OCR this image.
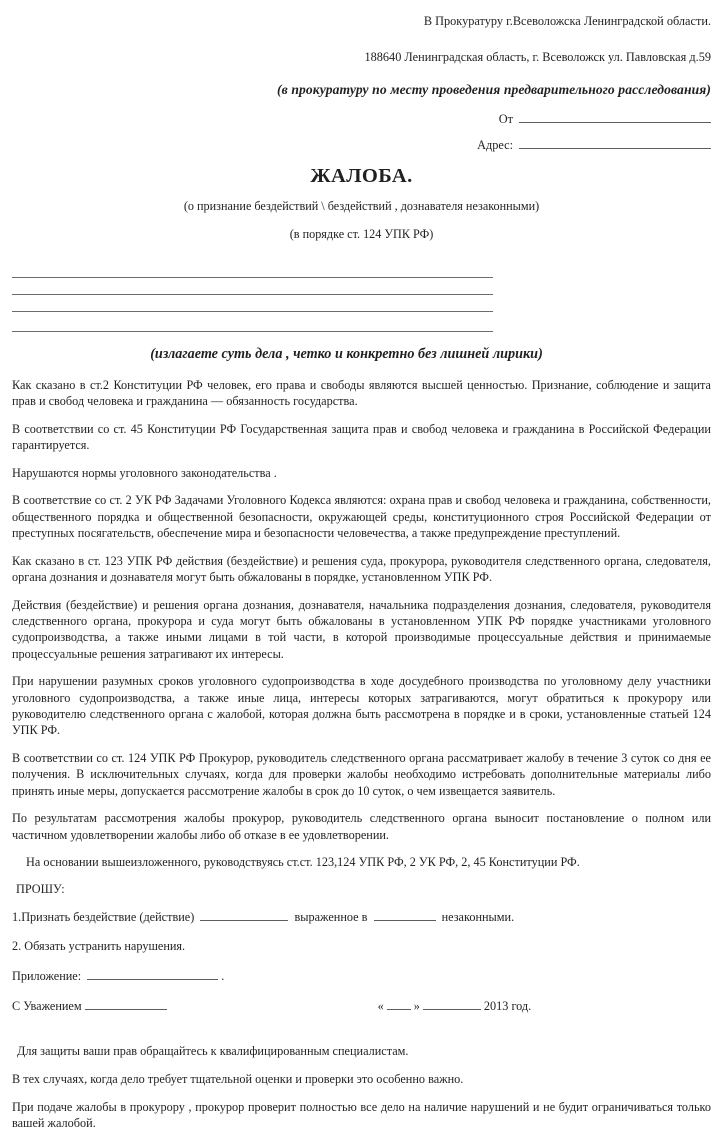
В Прокуратуру г.Всеволожска Ленинградской области.
188640 Ленинградская область, г. Всеволожск ул. Павловская д.59
(в прокуратуру по месту проведения предварительного расследования)
От
Адрес:
ЖАЛОБА.
(о признание бездействий \ бездействий , дознавателя незаконными)
(в порядке ст. 124 УПК РФ)
(излагаете суть дела , четко и конкретно без лишней лирики)

Как сказано в ст.2 Конституции РФ человек, его права и свободы являются высшей ценностью. Признание, соблюдение и защита прав и свобод человека и гражданина — обязанность государства.

В соответствии со ст. 45 Конституции РФ Государственная защита прав и свобод человека и гражданина в Российской Федерации гарантируется.

Нарушаются нормы уголовного законодательства .

В соответствие со ст. 2 УК РФ Задачами Уголовного Кодекса являются: охрана прав и свобод человека и гражданина, собственности, общественного порядка и общественной безопасности, окружающей среды, конституционного строя Российской Федерации от преступных посягательств, обеспечение мира и безопасности человечества, а также предупреждение преступлений.

Как сказано в ст. 123 УПК РФ действия (бездействие) и решения суда, прокурора, руководителя следственного органа, следователя, органа дознания и дознавателя могут быть обжалованы в порядке, установленном УПК РФ.

Действия (бездействие) и решения органа дознания, дознавателя, начальника подразделения дознания, следователя, руководителя следственного органа, прокурора и суда могут быть обжалованы в установленном УПК РФ порядке участниками уголовного судопроизводства, а также иными лицами в той части, в которой производимые процессуальные действия и принимаемые процессуальные решения затрагивают их интересы.

При нарушении разумных сроков уголовного судопроизводства в ходе досудебного производства по уголовному делу участники уголовного судопроизводства, а также иные лица, интересы которых затрагиваются, могут обратиться к прокурору или руководителю следственного органа с жалобой, которая должна быть рассмотрена в порядке и в сроки, установленные статьей 124 УПК РФ.

В соответствии со ст. 124 УПК РФ Прокурор, руководитель следственного органа рассматривает жалобу в течение 3 суток со дня ее получения. В исключительных случаях, когда для проверки жалобы необходимо истребовать дополнительные материалы либо принять иные меры, допускается рассмотрение жалобы в срок до 10 суток, о чем извещается заявитель.

По результатам рассмотрения жалобы прокурор, руководитель следственного органа выносит постановление о полном или частичном удовлетворении жалобы либо об отказе в ее удовлетворении.

На основании вышеизложенного, руководствуясь ст.ст. 123,124 УПК РФ, 2 УК РФ, 2, 45 Конституции РФ.

ПРОШУ:

1.Признать бездействие (действие)	выраженное в	незаконными.

2. Обязать устранить нарушения.

Приложение:	.

С Уважением	« »	2013 год.

Для защиты ваши прав обращайтесь к квалифицированным специалистам.

В тех случаях, когда дело требует тщательной оценки и проверки это особенно важно.

При подаче жалобы в прокурору , прокурор проверит полностью все дело на наличие нарушений и не будит ограничиваться только вашей жалобой.
